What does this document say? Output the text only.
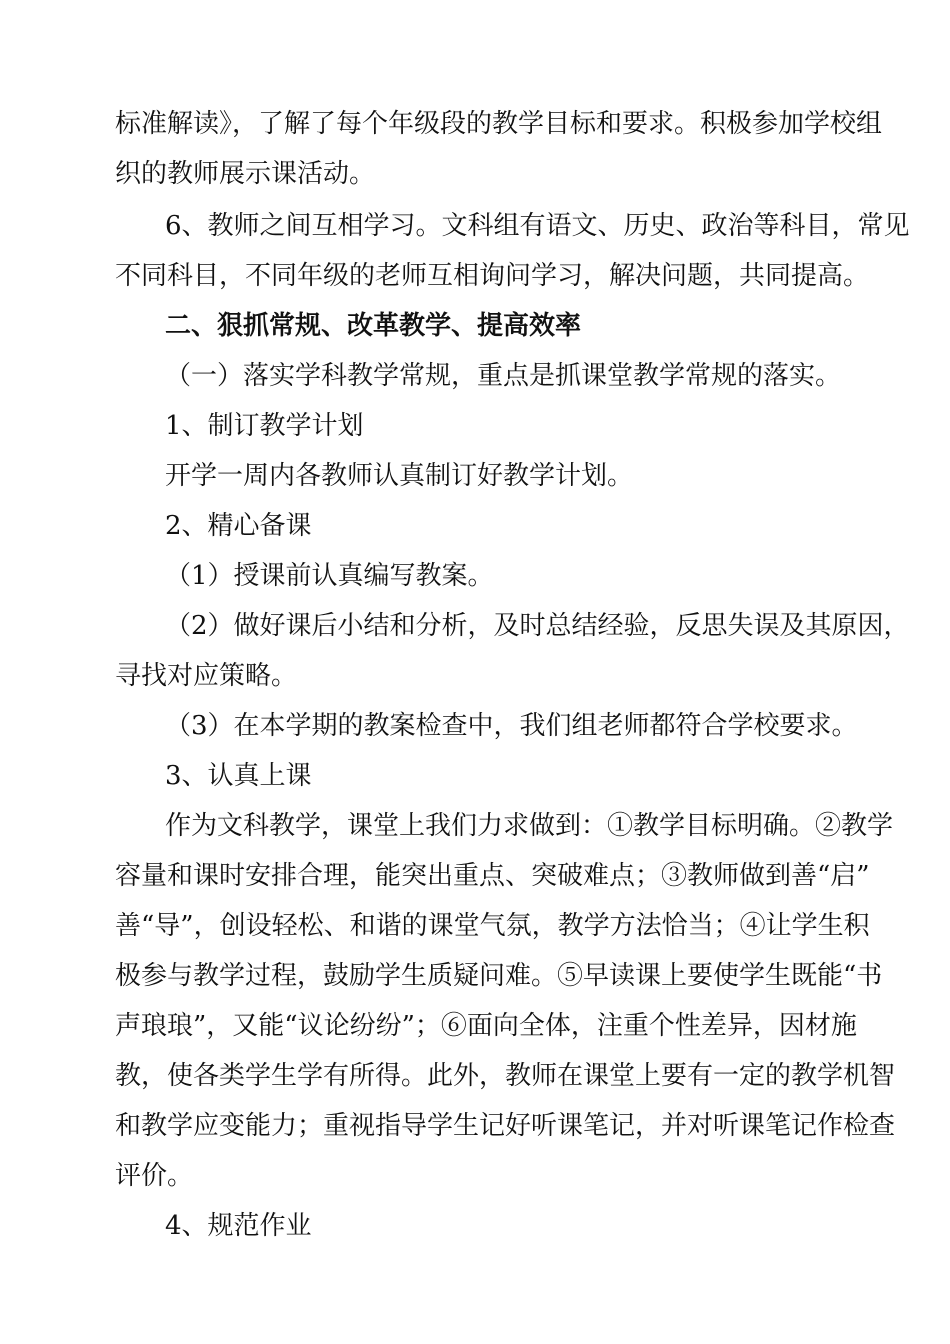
标准解读》，了解了每个年级段的教学目标和要求。积极参加学校组
织的教师展示课活动。
6、教师之间互相学习。文科组有语文、历史、政治等科目，常见
不同科目，不同年级的老师互相询问学习，解决问题，共同提高。
二、狠抓常规、改革教学、提高效率
（一）落实学科教学常规，重点是抓课堂教学常规的落实。
1、制订教学计划
开学一周内各教师认真制订好教学计划。
2、精心备课
（1）授课前认真编写教案。
（2）做好课后小结和分析，及时总结经验，反思失误及其原因，
寻找对应策略。
（3）在本学期的教案检查中，我们组老师都符合学校要求。
3、认真上课
作为文科教学，课堂上我们力求做到：①教学目标明确。②教学
容量和课时安排合理，能突出重点、突破难点；③教师做到善“启”
善“导”，创设轻松、和谐的课堂气氛，教学方法恰当；④让学生积
极参与教学过程，鼓励学生质疑问难。⑤早读课上要使学生既能“书
声琅琅”，又能“议论纷纷”；⑥面向全体，注重个性差异，因材施
教，使各类学生学有所得。此外，教师在课堂上要有一定的教学机智
和教学应变能力；重视指导学生记好听课笔记，并对听课笔记作检查
评价。
4、规范作业
